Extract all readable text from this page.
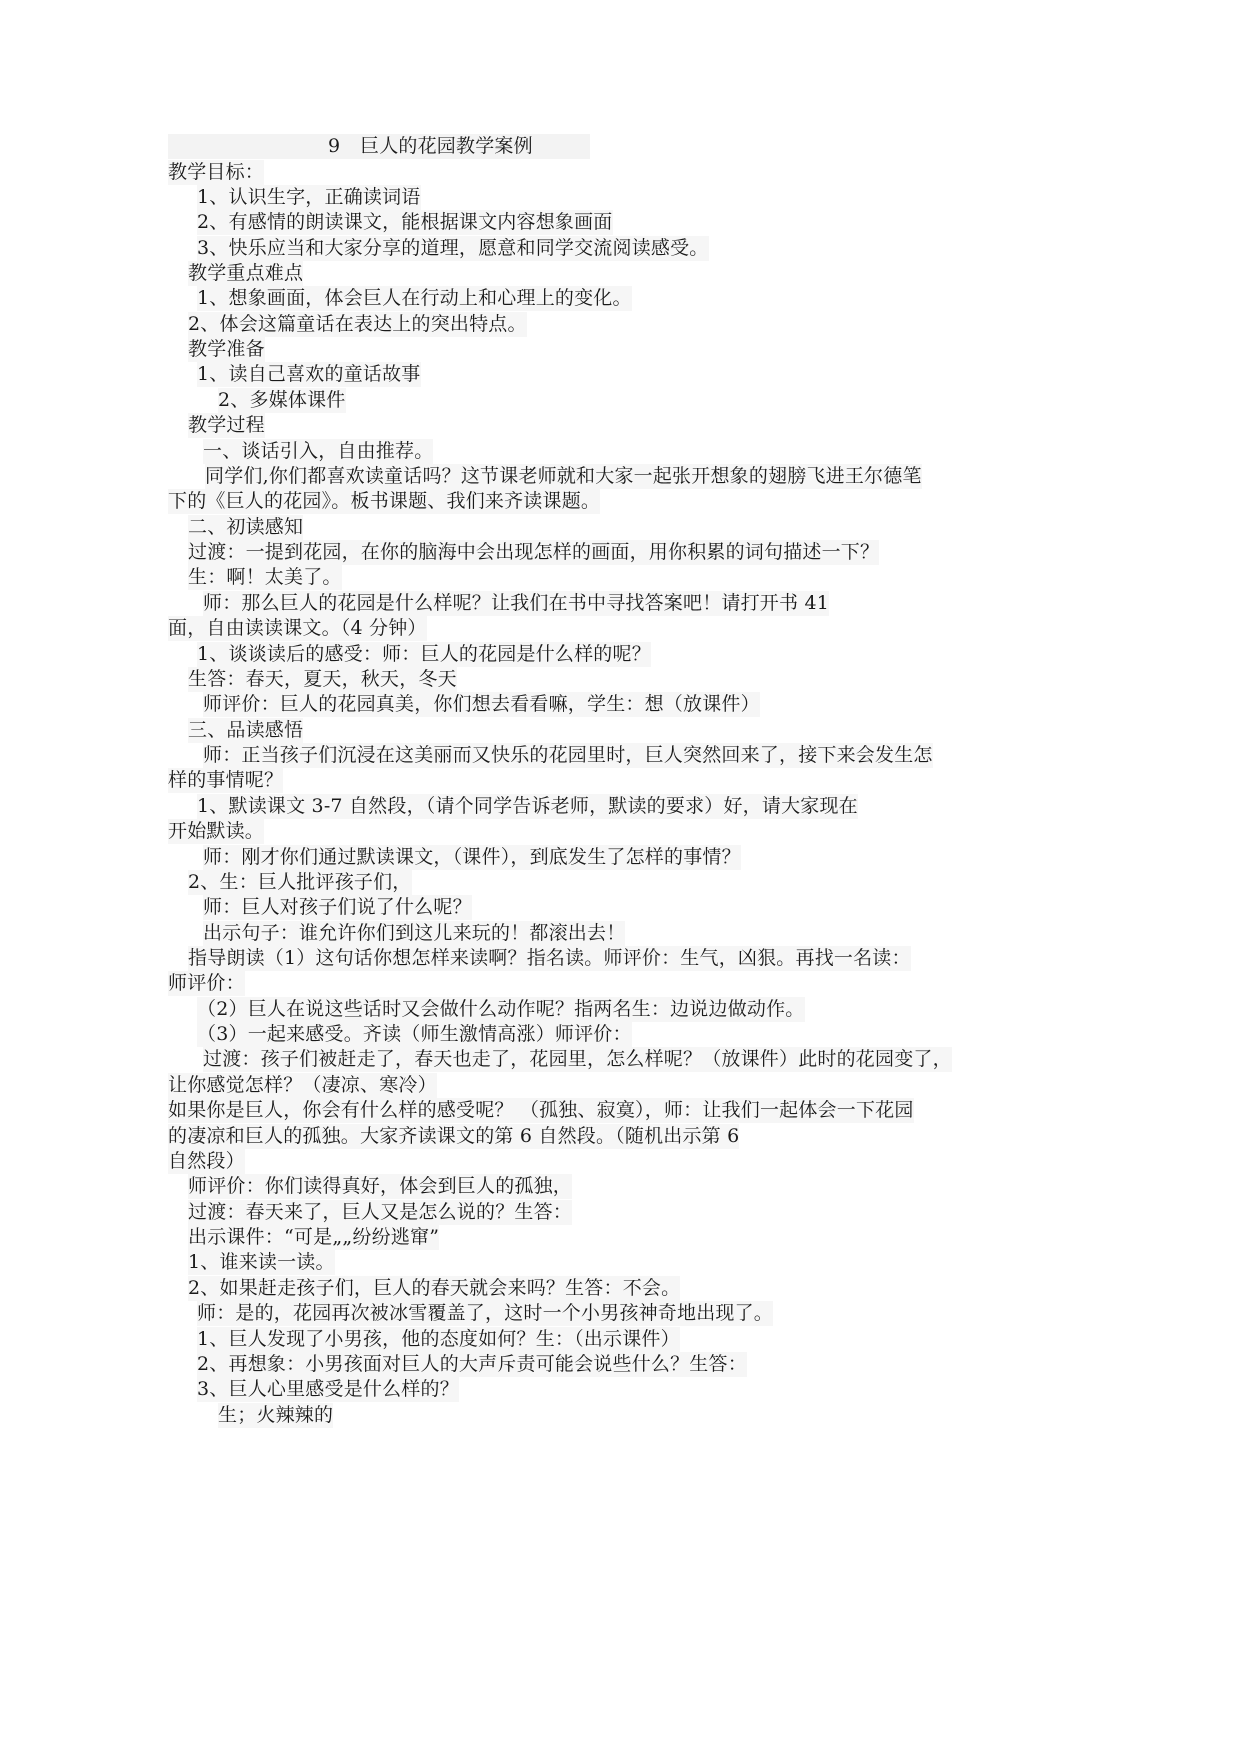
9 巨人的花园教学案例
教学目标：
1、认识生字，正确读词语
2、有感情的朗读课文，能根据课文内容想象画面
3、快乐应当和大家分享的道理，愿意和同学交流阅读感受。
教学重点难点
1、想象画面，体会巨人在行动上和心理上的变化。
2、体会这篇童话在表达上的突出特点。
教学准备
1、读自己喜欢的童话故事
2、多媒体课件
教学过程
一、谈话引入，自由推荐。
同学们,你们都喜欢读童话吗？这节课老师就和大家一起张开想象的翅膀飞进王尔德笔
下的《巨人的花园》。板书课题、我们来齐读课题。
二、初读感知
过渡：一提到花园，在你的脑海中会出现怎样的画面，用你积累的词句描述一下？
生：啊！太美了。
师：那么巨人的花园是什么样呢？让我们在书中寻找答案吧！请打开书 41
面，自由读读课文。（4 分钟）
1、谈谈读后的感受：师：巨人的花园是什么样的呢？
生答：春天，夏天，秋天，冬天
师评价：巨人的花园真美，你们想去看看嘛，学生：想（放课件）
三、品读感悟
师：正当孩子们沉浸在这美丽而又快乐的花园里时，巨人突然回来了，接下来会发生怎
样的事情呢？
1、默读课文 3-7 自然段，（请个同学告诉老师，默读的要求）好，请大家现在
开始默读。
师：刚才你们通过默读课文，（课件），到底发生了怎样的事情？
2、生：巨人批评孩子们，
师：巨人对孩子们说了什么呢？
出示句子：谁允许你们到这儿来玩的！都滚出去！
指导朗读（1）这句话你想怎样来读啊？指名读。师评价：生气，凶狠。再找一名读：
师评价：
（2）巨人在说这些话时又会做什么动作呢？指两名生：边说边做动作。
（3）一起来感受。齐读（师生激情高涨）师评价：
过渡：孩子们被赶走了，春天也走了，花园里，怎么样呢？（放课件）此时的花园变了，
让你感觉怎样？（凄凉、寒冷）
如果你是巨人，你会有什么样的感受呢？ （孤独、寂寞），师：让我们一起体会一下花园
的凄凉和巨人的孤独。大家齐读课文的第 6 自然段。（随机出示第 6
自然段）
师评价：你们读得真好，体会到巨人的孤独，
过渡：春天来了，巨人又是怎么说的？生答：
出示课件：“可是„„纷纷逃窜”
1、谁来读一读。
2、如果赶走孩子们，巨人的春天就会来吗？生答：不会。
师：是的，花园再次被冰雪覆盖了，这时一个小男孩神奇地出现了。
1、巨人发现了小男孩，他的态度如何？生：（出示课件）
2、再想象：小男孩面对巨人的大声斥责可能会说些什么？生答：
3、巨人心里感受是什么样的？
生；火辣辣的
